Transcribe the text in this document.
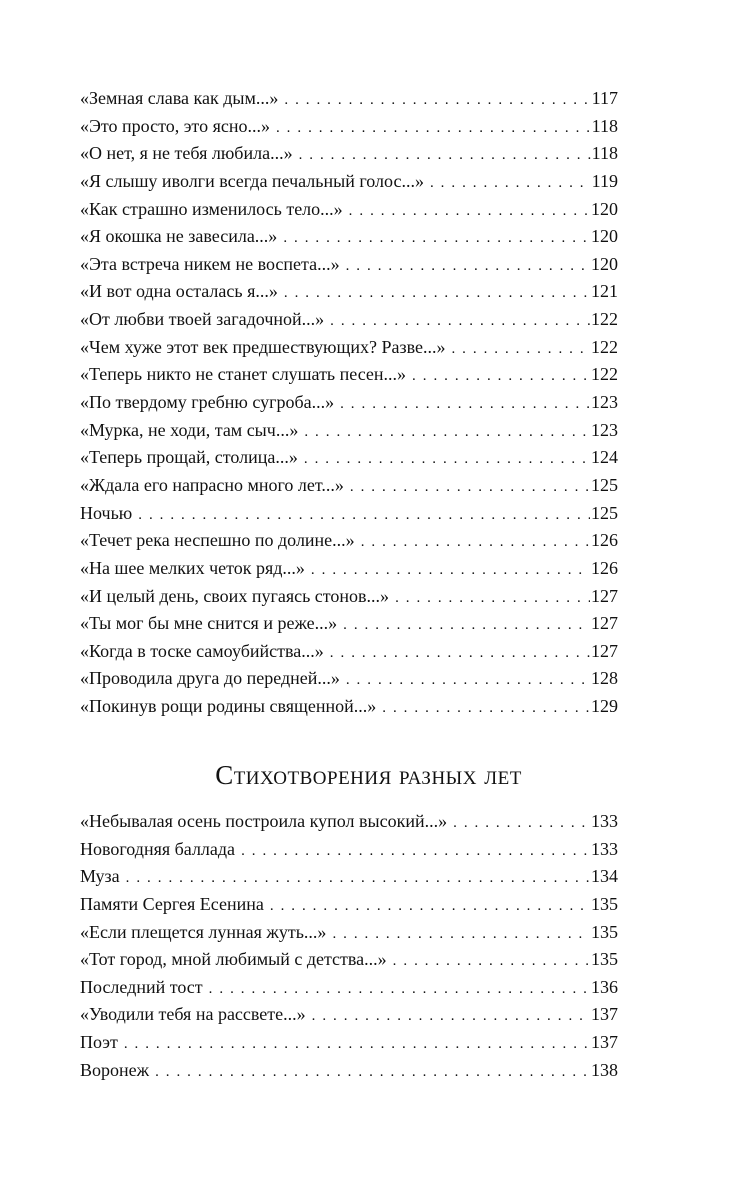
«Земная слава как дым...» . . .	117
«Это просто, это ясно...» . . .	118
«О нет, я не тебя любила...» . . .	118
«Я слышу иволги всегда печальный голос...» . . .	119
«Как страшно изменилось тело...» . . .	120
«Я окошка не завесила...» . . .	120
«Эта встреча никем не воспета...» . . .	120
«И вот одна осталась я...» . . .	121
«От любви твоей загадочной...» . . .	122
«Чем хуже этот век предшествующих? Разве...» . . .	122
«Теперь никто не станет слушать песен...» . . .	122
«По твердому гребню сугроба...» . . .	123
«Мурка, не ходи, там сыч...» . . .	123
«Теперь прощай, столица...» . . .	124
«Ждала его напрасно много лет...» . . .	125
Ночью . . .	125
«Течет река неспешно по долине...» . . .	126
«На шее мелких четок ряд...» . . .	126
«И целый день, своих пугаясь стонов...» . . .	127
«Ты мог бы мне снится и реже...» . . .	127
«Когда в тоске самоубийства...» . . .	127
«Проводила друга до передней...» . . .	128
«Покинув рощи родины священной...» . . .	129
Стихотворения разных лет
«Небывалая осень построила купол высокий...» . . .	133
Новогодняя баллада . . .	133
Муза . . .	134
Памяти Сергея Есенина . . .	135
«Если плещется лунная жуть...» . . .	135
«Тот город, мной любимый с детства...» . . .	135
Последний тост . . .	136
«Уводили тебя на рассвете...» . . .	137
Поэт . . .	137
Воронеж . . .	138
